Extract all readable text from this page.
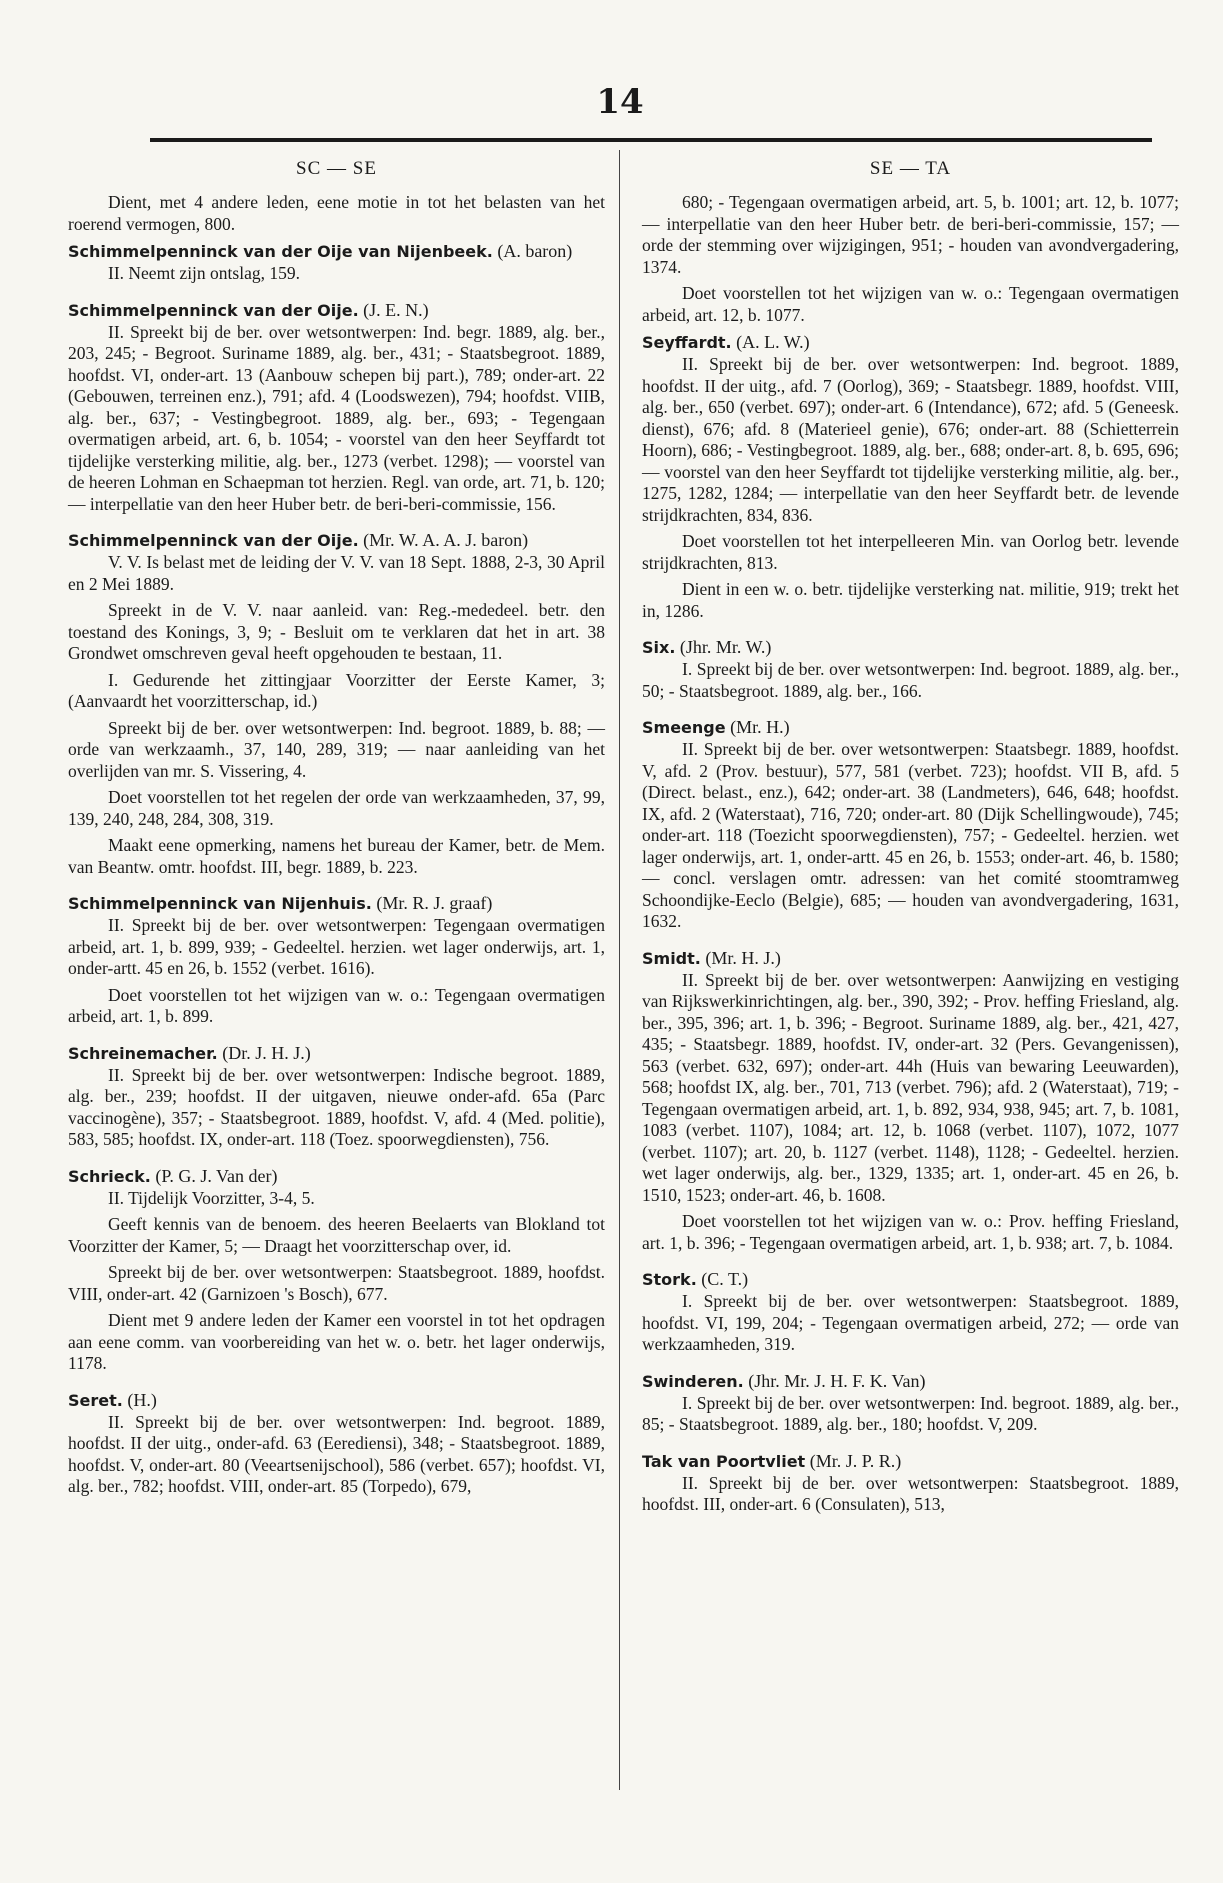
14
SC — SE

Dient, met 4 andere leden, eene motie in tot het belasten van het roerend vermogen, 800.

Schimmelpenninck van der Oije van Nijenbeek. (A. baron)

II. Neemt zijn ontslag, 159.

Schimmelpenninck van der Oije. (J. E. N.)

II. Spreekt bij de ber. over wetsontwerpen: Ind. begr. 1889, alg. ber., 203, 245; - Begroot. Suriname 1889, alg. ber., 431; - Staatsbegroot. 1889, hoofdst. VI, onder-art. 13 (Aanbouw schepen bij part.), 789; onder-art. 22 (Gebouwen, terreinen enz.), 791; afd. 4 (Loodswezen), 794; hoofdst. VIIB, alg. ber., 637; - Vestingbegroot. 1889, alg. ber., 693; - Tegengaan overmatigen arbeid, art. 6, b. 1054; - voorstel van den heer Seyffardt tot tijdelijke versterking militie, alg. ber., 1273 (verbet. 1298); — voorstel van de heeren Lohman en Schaepman tot herzien. Regl. van orde, art. 71, b. 120; — interpellatie van den heer Huber betr. de beri-beri-commissie, 156.

Schimmelpenninck van der Oije. (Mr. W. A. A. J. baron)

V. V. Is belast met de leiding der V. V. van 18 Sept. 1888, 2-3, 30 April en 2 Mei 1889.

Spreekt in de V. V. naar aanleid. van: Reg.-mededeel. betr. den toestand des Konings, 3, 9; - Besluit om te verklaren dat het in art. 38 Grondwet omschreven geval heeft opgehouden te bestaan, 11.

I. Gedurende het zittingjaar Voorzitter der Eerste Kamer, 3; (Aanvaardt het voorzitterschap, id.)

Spreekt bij de ber. over wetsontwerpen: Ind. begroot. 1889, b. 88; — orde van werkzaamh., 37, 140, 289, 319; — naar aanleiding van het overlijden van mr. S. Vissering, 4.

Doet voorstellen tot het regelen der orde van werkzaamheden, 37, 99, 139, 240, 248, 284, 308, 319.

Maakt eene opmerking, namens het bureau der Kamer, betr. de Mem. van Beantw. omtr. hoofdst. III, begr. 1889, b. 223.

Schimmelpenninck van Nijenhuis. (Mr. R. J. graaf)

II. Spreekt bij de ber. over wetsontwerpen: Tegengaan overmatigen arbeid, art. 1, b. 899, 939; - Gedeeltel. herzien. wet lager onderwijs, art. 1, onder-artt. 45 en 26, b. 1552 (verbet. 1616).

Doet voorstellen tot het wijzigen van w. o.: Tegengaan overmatigen arbeid, art. 1, b. 899.

Schreinemacher. (Dr. J. H. J.)

II. Spreekt bij de ber. over wetsontwerpen: Indische begroot. 1889, alg. ber., 239; hoofdst. II der uitgaven, nieuwe onder-afd. 65a (Parc vaccinogène), 357; - Staatsbegroot. 1889, hoofdst. V, afd. 4 (Med. politie), 583, 585; hoofdst. IX, onder-art. 118 (Toez. spoorwegdiensten), 756.

Schrieck. (P. G. J. Van der)

II. Tijdelijk Voorzitter, 3-4, 5.

Geeft kennis van de benoem. des heeren Beelaerts van Blokland tot Voorzitter der Kamer, 5; — Draagt het voorzitterschap over, id.

Spreekt bij de ber. over wetsontwerpen: Staatsbegroot. 1889, hoofdst. VIII, onder-art. 42 (Garnizoen 's Bosch), 677.

Dient met 9 andere leden der Kamer een voorstel in tot het opdragen aan eene comm. van voorbereiding van het w. o. betr. het lager onderwijs, 1178.

Seret. (H.)

II. Spreekt bij de ber. over wetsontwerpen: Ind. begroot. 1889, hoofdst. II der uitg., onder-afd. 63 (Eerediensi), 348; - Staatsbegroot. 1889, hoofdst. V, onder-art. 80 (Veeartsenijschool), 586 (verbet. 657); hoofdst. VI, alg. ber., 782; hoofdst. VIII, onder-art. 85 (Torpedo), 679,

SE — TA

680; - Tegengaan overmatigen arbeid, art. 5, b. 1001; art. 12, b. 1077; — interpellatie van den heer Huber betr. de beri-beri-commissie, 157; — orde der stemming over wijzigingen, 951; - houden van avondvergadering, 1374.

Doet voorstellen tot het wijzigen van w. o.: Tegengaan overmatigen arbeid, art. 12, b. 1077.

Seyffardt. (A. L. W.)

II. Spreekt bij de ber. over wetsontwerpen: Ind. begroot. 1889, hoofdst. II der uitg., afd. 7 (Oorlog), 369; - Staatsbegr. 1889, hoofdst. VIII, alg. ber., 650 (verbet. 697); onder-art. 6 (Intendance), 672; afd. 5 (Geneesk. dienst), 676; afd. 8 (Materieel genie), 676; onder-art. 88 (Schietterrein Hoorn), 686; - Vestingbegroot. 1889, alg. ber., 688; onder-art. 8, b. 695, 696; — voorstel van den heer Seyffardt tot tijdelijke versterking militie, alg. ber., 1275, 1282, 1284; — interpellatie van den heer Seyffardt betr. de levende strijdkrachten, 834, 836.

Doet voorstellen tot het interpelleeren Min. van Oorlog betr. levende strijdkrachten, 813.

Dient in een w. o. betr. tijdelijke versterking nat. militie, 919; trekt het in, 1286.

Six. (Jhr. Mr. W.)

I. Spreekt bij de ber. over wetsontwerpen: Ind. begroot. 1889, alg. ber., 50; - Staatsbegroot. 1889, alg. ber., 166.

Smeenge (Mr. H.)

II. Spreekt bij de ber. over wetsontwerpen: Staatsbegr. 1889, hoofdst. V, afd. 2 (Prov. bestuur), 577, 581 (verbet. 723); hoofdst. VII B, afd. 5 (Direct. belast., enz.), 642; onder-art. 38 (Landmeters), 646, 648; hoofdst. IX, afd. 2 (Waterstaat), 716, 720; onder-art. 80 (Dijk Schellingwoude), 745; onder-art. 118 (Toezicht spoorwegdiensten), 757; - Gedeeltel. herzien. wet lager onderwijs, art. 1, onder-artt. 45 en 26, b. 1553; onder-art. 46, b. 1580; — concl. verslagen omtr. adressen: van het comité stoomtramweg Schoondijke-Eeclo (Belgie), 685; — houden van avondvergadering, 1631, 1632.

Smidt. (Mr. H. J.)

II. Spreekt bij de ber. over wetsontwerpen: Aanwijzing en vestiging van Rijkswerkinrichtingen, alg. ber., 390, 392; - Prov. heffing Friesland, alg. ber., 395, 396; art. 1, b. 396; - Begroot. Suriname 1889, alg. ber., 421, 427, 435; - Staatsbegr. 1889, hoofdst. IV, onder-art. 32 (Pers. Gevangenissen), 563 (verbet. 632, 697); onder-art. 44h (Huis van bewaring Leeuwarden), 568; hoofdst IX, alg. ber., 701, 713 (verbet. 796); afd. 2 (Waterstaat), 719; - Tegengaan overmatigen arbeid, art. 1, b. 892, 934, 938, 945; art. 7, b. 1081, 1083 (verbet. 1107), 1084; art. 12, b. 1068 (verbet. 1107), 1072, 1077 (verbet. 1107); art. 20, b. 1127 (verbet. 1148), 1128; - Gedeeltel. herzien. wet lager onderwijs, alg. ber., 1329, 1335; art. 1, onder-art. 45 en 26, b. 1510, 1523; onder-art. 46, b. 1608.

Doet voorstellen tot het wijzigen van w. o.: Prov. heffing Friesland, art. 1, b. 396; - Tegengaan overmatigen arbeid, art. 1, b. 938; art. 7, b. 1084.

Stork. (C. T.)

I. Spreekt bij de ber. over wetsontwerpen: Staatsbegroot. 1889, hoofdst. VI, 199, 204; - Tegengaan overmatigen arbeid, 272; — orde van werkzaamheden, 319.

Swinderen. (Jhr. Mr. J. H. F. K. Van)

I. Spreekt bij de ber. over wetsontwerpen: Ind. begroot. 1889, alg. ber., 85; - Staatsbegroot. 1889, alg. ber., 180; hoofdst. V, 209.

Tak van Poortvliet (Mr. J. P. R.)

II. Spreekt bij de ber. over wetsontwerpen: Staatsbegroot. 1889, hoofdst. III, onder-art. 6 (Consulaten), 513,
